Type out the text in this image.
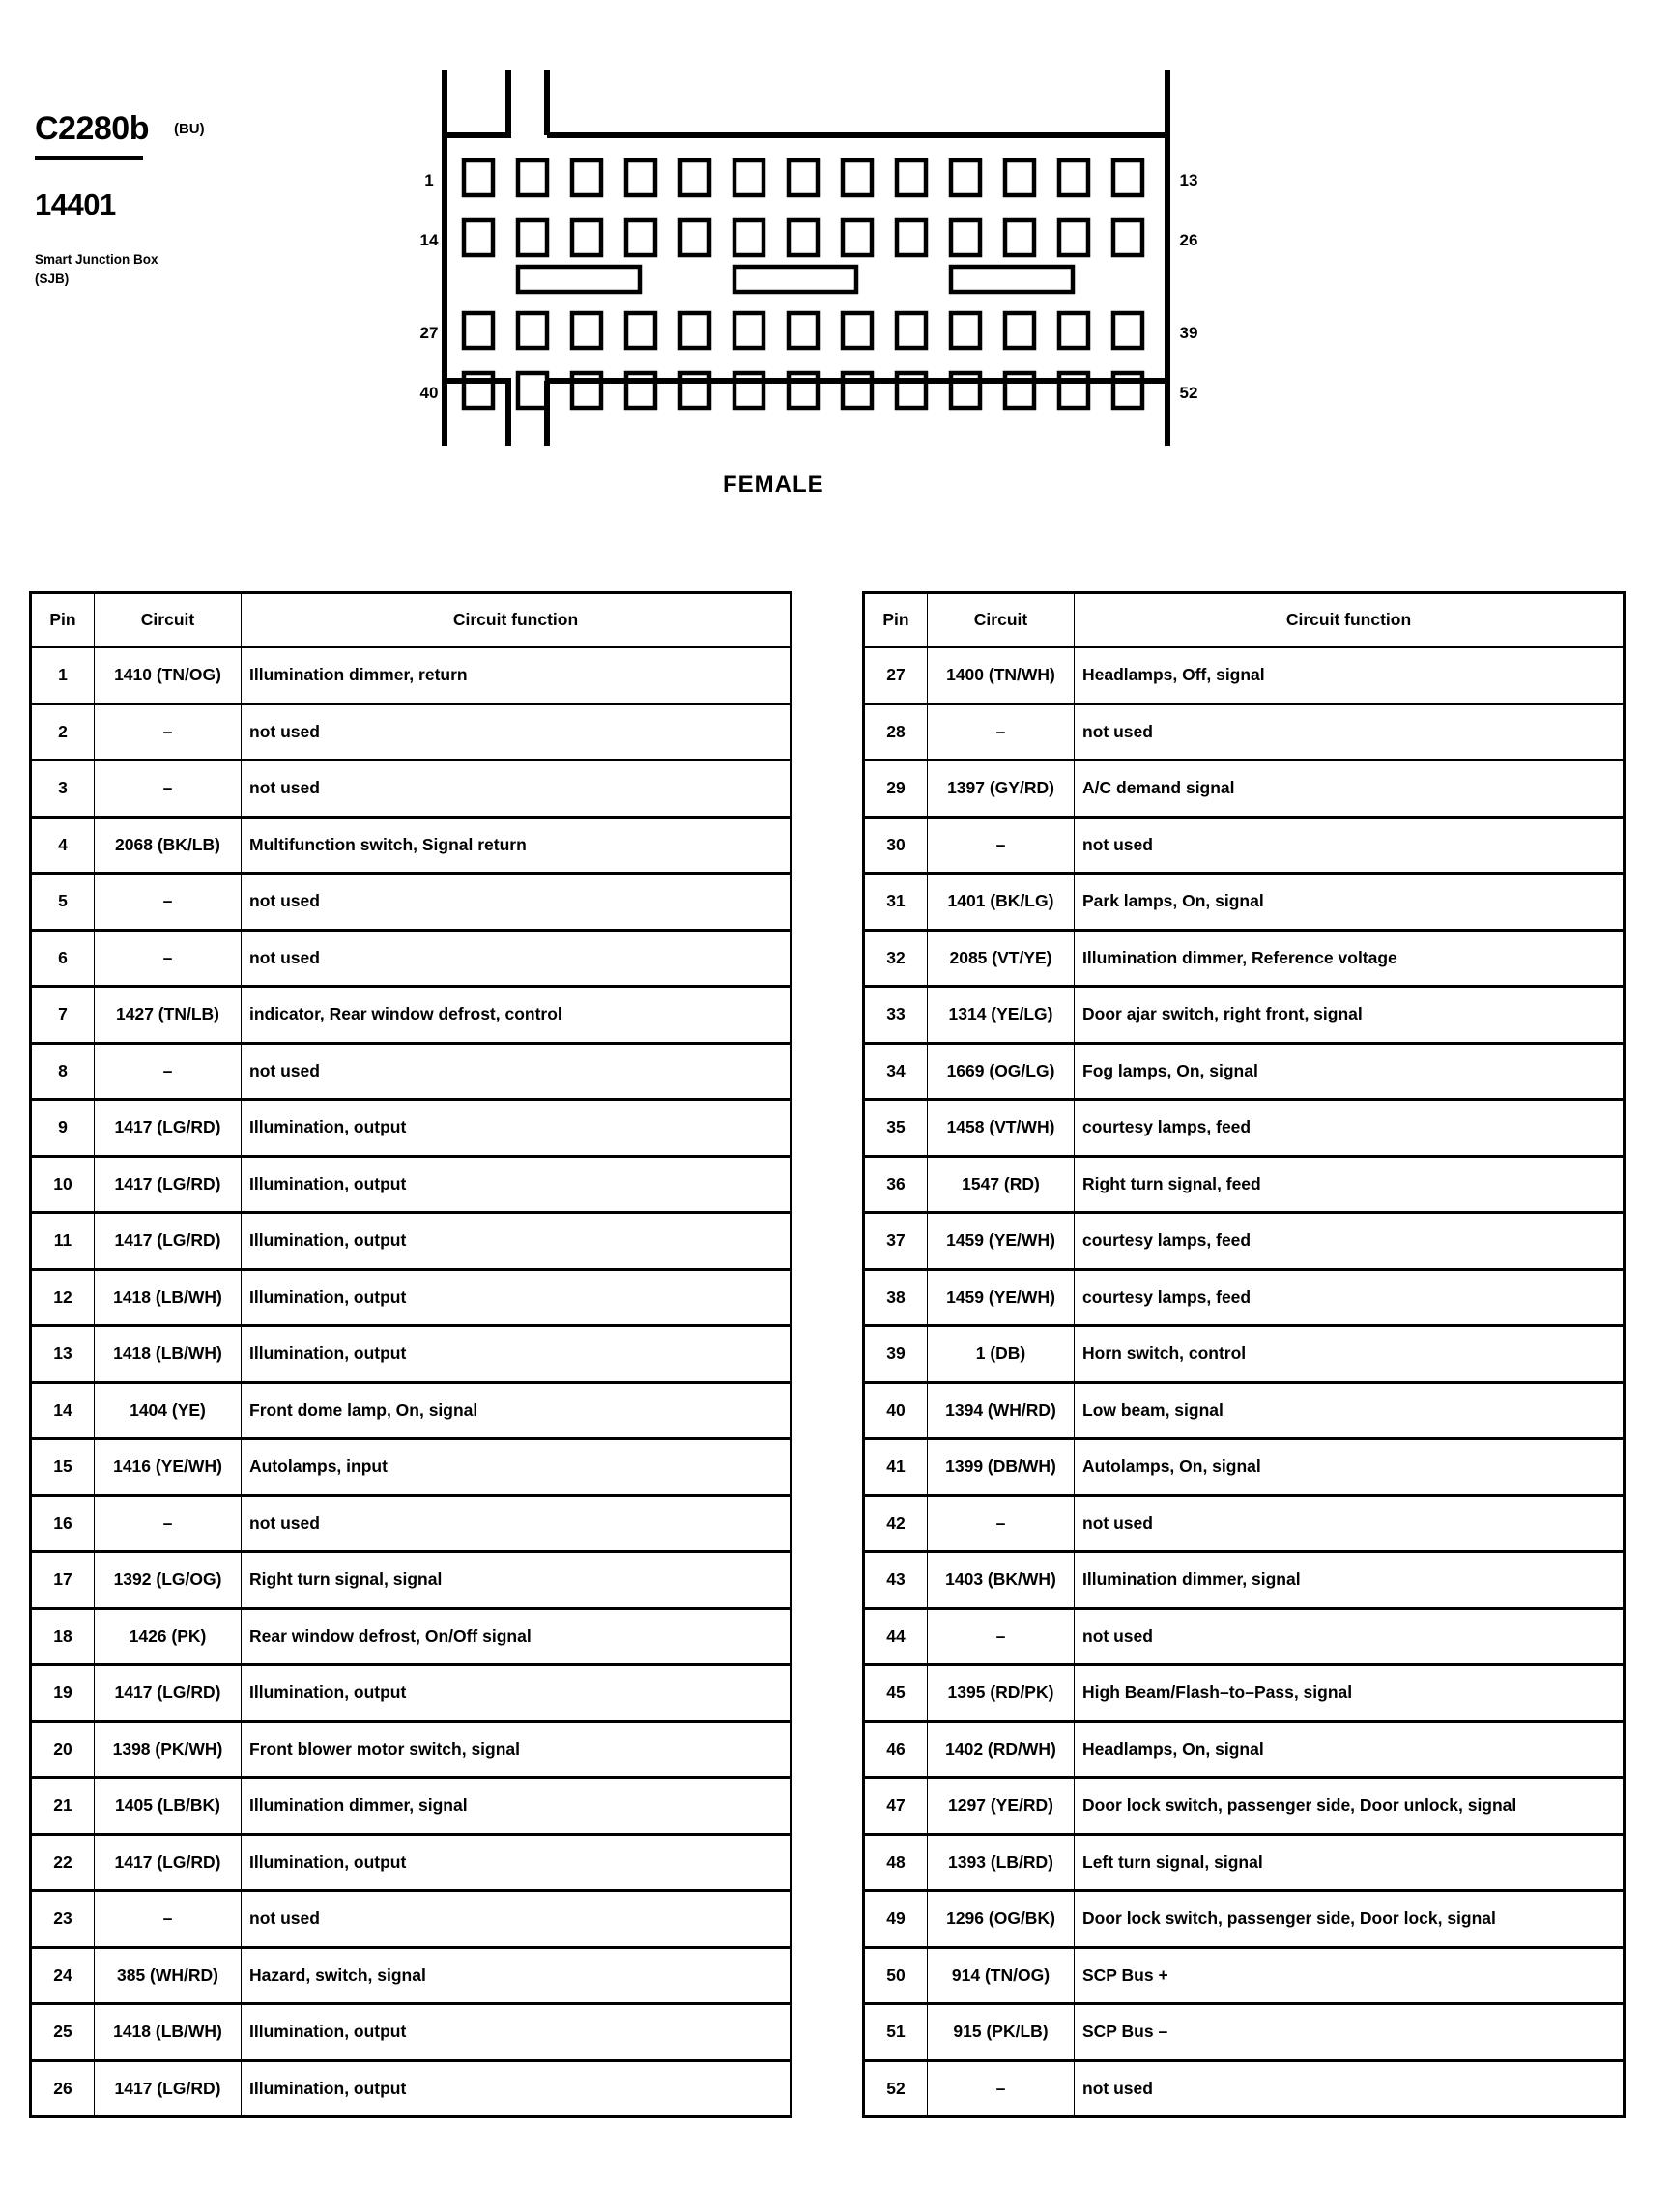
C2280b (BU)
14401
Smart Junction Box
(SJB)
1
14
27
40
13
26
39
52
FEMALE
Pin	Circuit	Circuit function
1	1410 (TN/OG)	Illumination dimmer, return
2	–	not used
3	–	not used
4	2068 (BK/LB)	Multifunction switch, Signal return
5	–	not used
6	–	not used
7	1427 (TN/LB)	indicator, Rear window defrost, control
8	–	not used
9	1417 (LG/RD)	Illumination, output
10	1417 (LG/RD)	Illumination, output
11	1417 (LG/RD)	Illumination, output
12	1418 (LB/WH)	Illumination, output
13	1418 (LB/WH)	Illumination, output
14	1404 (YE)	Front dome lamp, On, signal
15	1416 (YE/WH)	Autolamps, input
16	–	not used
17	1392 (LG/OG)	Right turn signal, signal
18	1426 (PK)	Rear window defrost, On/Off signal
19	1417 (LG/RD)	Illumination, output
20	1398 (PK/WH)	Front blower motor switch, signal
21	1405 (LB/BK)	Illumination dimmer, signal
22	1417 (LG/RD)	Illumination, output
23	–	not used
24	385 (WH/RD)	Hazard, switch, signal
25	1418 (LB/WH)	Illumination, output
26	1417 (LG/RD)	Illumination, output
Pin	Circuit	Circuit function
27	1400 (TN/WH)	Headlamps, Off, signal
28	–	not used
29	1397 (GY/RD)	A/C demand signal
30	–	not used
31	1401 (BK/LG)	Park lamps, On, signal
32	2085 (VT/YE)	Illumination dimmer, Reference voltage
33	1314 (YE/LG)	Door ajar switch, right front, signal
34	1669 (OG/LG)	Fog lamps, On, signal
35	1458 (VT/WH)	courtesy lamps, feed
36	1547 (RD)	Right turn signal, feed
37	1459 (YE/WH)	courtesy lamps, feed
38	1459 (YE/WH)	courtesy lamps, feed
39	1 (DB)	Horn switch, control
40	1394 (WH/RD)	Low beam, signal
41	1399 (DB/WH)	Autolamps, On, signal
42	–	not used
43	1403 (BK/WH)	Illumination dimmer, signal
44	–	not used
45	1395 (RD/PK)	High Beam/Flash–to–Pass, signal
46	1402 (RD/WH)	Headlamps, On, signal
47	1297 (YE/RD)	Door lock switch, passenger side, Door unlock, signal
48	1393 (LB/RD)	Left turn signal, signal
49	1296 (OG/BK)	Door lock switch, passenger side, Door lock, signal
50	914 (TN/OG)	SCP Bus +
51	915 (PK/LB)	SCP Bus –
52	–	not used
